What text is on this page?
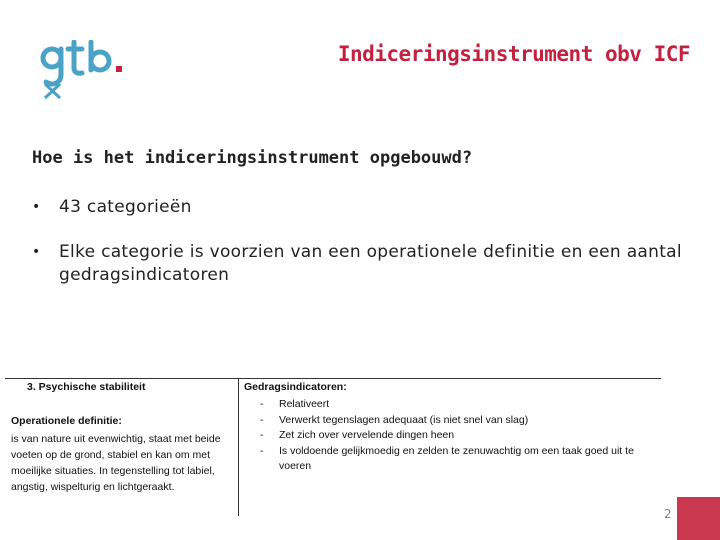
Indiceringsinstrument obv ICF
Hoe is het indiceringsinstrument opgebouwd?
• 43 categorieën
• Elke categorie is voorzien van een operationele definitie en een aantal gedragsindicatoren
3. Psychische stabiliteit	Gedragsindicatoren:
Operationele definitie:
is van nature uit evenwichtig, staat met beide voeten op de grond, stabiel en kan om met moeilijke situaties. In tegenstelling tot labiel, angstig, wispelturig en lichtgeraakt.
- Relativeert
- Verwerkt tegenslagen adequaat (is niet snel van slag)
- Zet zich over vervelende dingen heen
- Is voldoende gelijkmoedig en zelden te zenuwachtig om een taak goed uit te voeren
2
